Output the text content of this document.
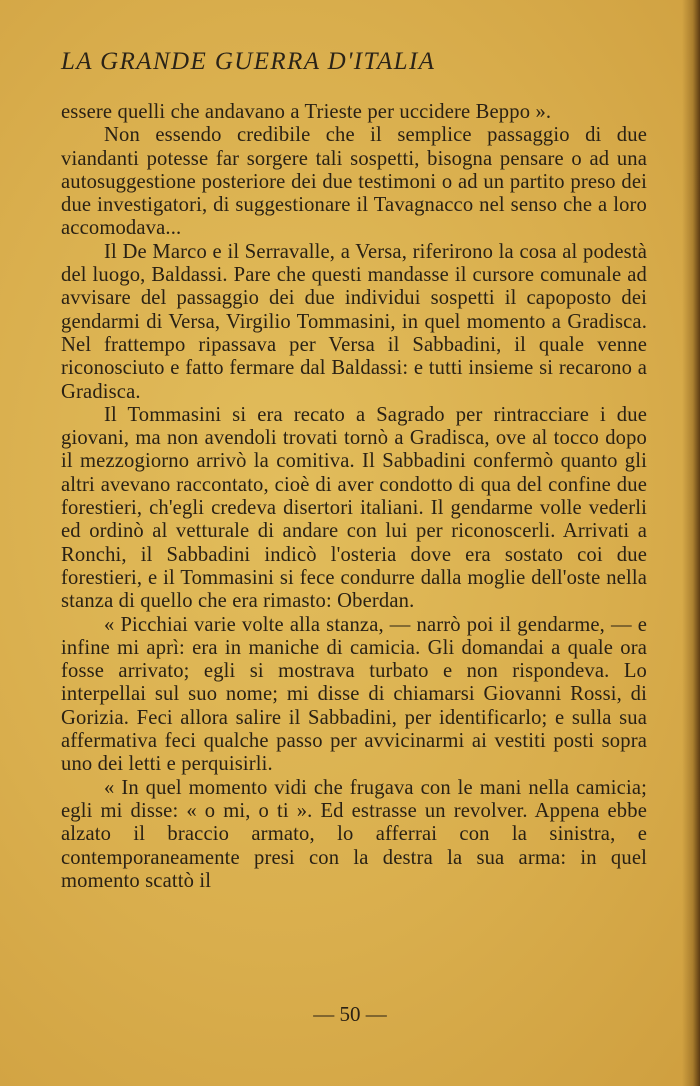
LA GRANDE GUERRA D'ITALIA

essere quelli che andavano a Trieste per uccidere Beppo ».

Non essendo credibile che il semplice passaggio di due viandanti potesse far sorgere tali sospetti, bisogna pensare o ad una autosuggestione posteriore dei due testimoni o ad un partito preso dei due investigatori, di suggestionare il Tavagnacco nel senso che a loro accomodava...

Il De Marco e il Serravalle, a Versa, riferirono la cosa al podestà del luogo, Baldassi. Pare che questi mandasse il cursore comunale ad avvisare del passaggio dei due individui sospetti il capoposto dei gendarmi di Versa, Virgilio Tommasini, in quel momento a Gradisca. Nel frattempo ripassava per Versa il Sabbadini, il quale venne riconosciuto e fatto fermare dal Baldassi: e tutti insieme si recarono a Gradisca.

Il Tommasini si era recato a Sagrado per rintracciare i due giovani, ma non avendoli trovati tornò a Gradisca, ove al tocco dopo il mezzogiorno arrivò la comitiva. Il Sabbadini confermò quanto gli altri avevano raccontato, cioè di aver condotto di qua del confine due forestieri, ch'egli credeva disertori italiani. Il gendarme volle vederli ed ordinò al vetturale di andare con lui per riconoscerli. Arrivati a Ronchi, il Sabbadini indicò l'osteria dove era sostato coi due forestieri, e il Tommasini si fece condurre dalla moglie dell'oste nella stanza di quello che era rimasto: Oberdan.

« Picchiai varie volte alla stanza, — narrò poi il gendarme, — e infine mi aprì: era in maniche di camicia. Gli domandai a quale ora fosse arrivato; egli si mostrava turbato e non rispondeva. Lo interpellai sul suo nome; mi disse di chiamarsi Giovanni Rossi, di Gorizia. Feci allora salire il Sabbadini, per identificarlo; e sulla sua affermativa feci qualche passo per avvicinarmi ai vestiti posti sopra uno dei letti e perquisirli.

« In quel momento vidi che frugava con le mani nella camicia; egli mi disse: « o mi, o ti ». Ed estrasse un revolver. Appena ebbe alzato il braccio armato, lo afferrai con la sinistra, e contemporaneamente presi con la destra la sua arma: in quel momento scattò il

— 50 —
